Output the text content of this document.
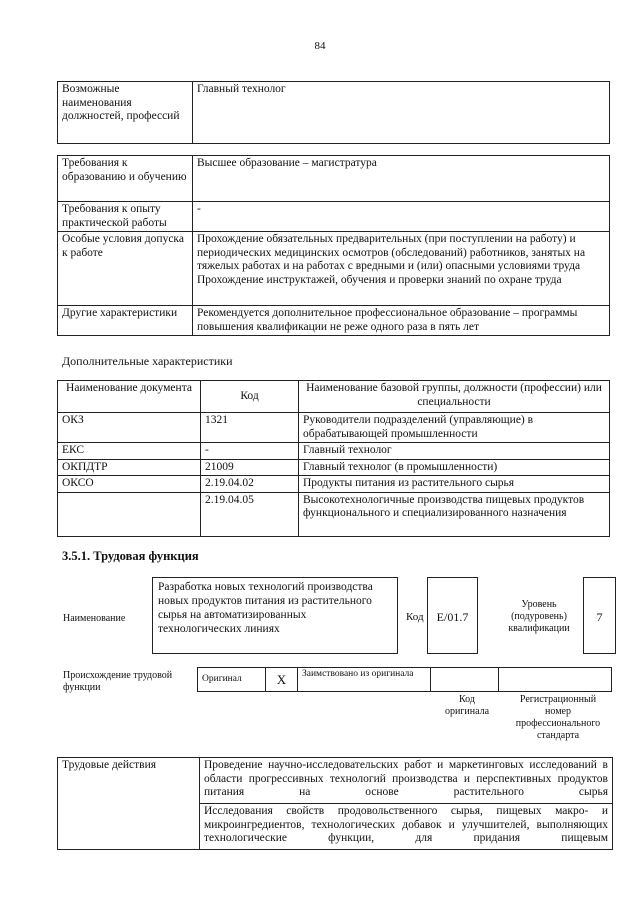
84
Возможные наименования должностей, профессий	Главный технолог
Требования к образованию и обучению	Высшее образование – магистратура
Требования к опыту практической работы	-
Особые условия допуска к работе	Прохождение обязательных предварительных (при поступлении на работу) и периодических медицинских осмотров (обследований) работников, занятых на тяжелых работах и на работах с вредными и (или) опасными условиями труда
Прохождение инструктажей, обучения и проверки знаний по охране труда

Другие характеристики	Рекомендуется дополнительное профессиональное образование – программы повышения квалификации не реже одного раза в пять лет
Дополнительные характеристики
Наименование документа	Код	Наименование базовой группы, должности (профессии) или специальности
ОКЗ	1321	Руководители подразделений (управляющие) в обрабатывающей промышленности
ЕКС	-	Главный технолог
ОКПДТР	21009	Главный технолог (в промышленности)
ОКСО	2.19.04.02	Продукты питания из растительного сырья
	2.19.04.05	Высокотехнологичные производства пищевых продуктов функционального и специализированного назначения
3.5.1. Трудовая функция
Наименование
Разработка новых технологий производства новых продуктов питания из растительного сырья на автоматизированных технологических линиях
Код	E/01.7
Уровень (подуровень) квалификации
7
Происхождение трудовой функции
Оригинал	X	Заимствовано из оригинала		
Код оригинала
Регистрационный номер профессионального стандарта
Трудовые действия	Проведение научно-исследовательских работ и маркетинговых исследований в области прогрессивных технологий производства и перспективных продуктов питания на основе растительного сырья
Исследования свойств продовольственного сырья, пищевых макро- и микроингредиентов, технологических добавок и улучшителей, выполняющих технологические функции, для придания пищевым
